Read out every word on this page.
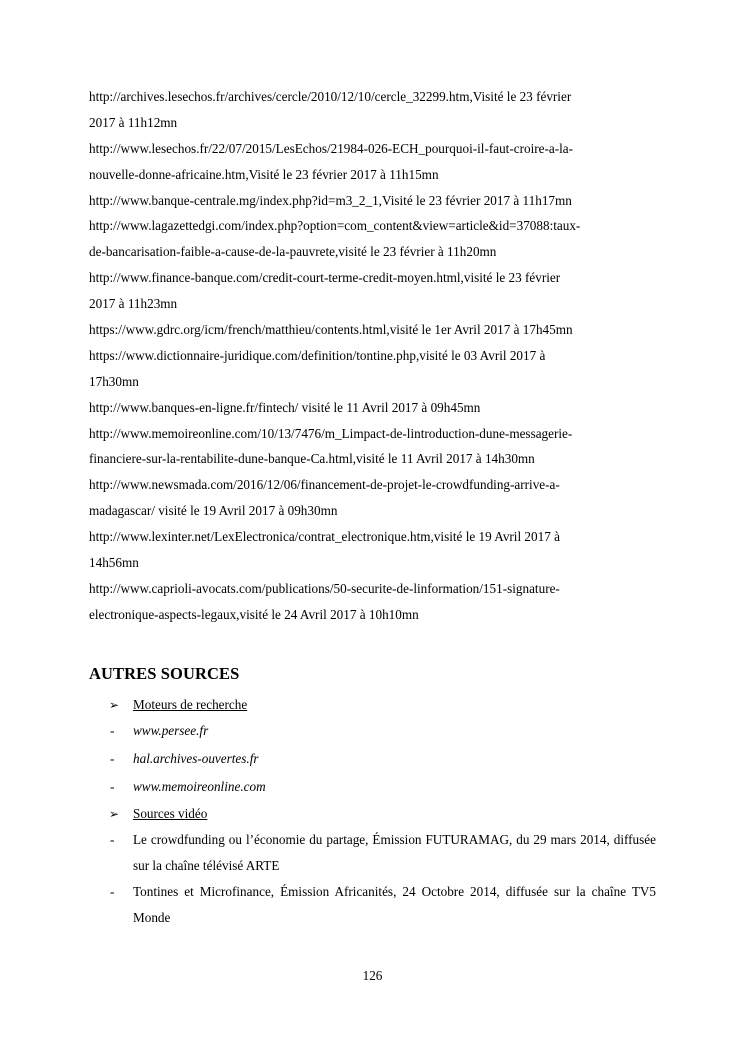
http://archives.lesechos.fr/archives/cercle/2010/12/10/cercle_32299.htm,Visité le 23 février
2017 à 11h12mn
http://www.lesechos.fr/22/07/2015/LesEchos/21984-026-ECH_pourquoi-il-faut-croire-a-la-
nouvelle-donne-africaine.htm,Visité le 23 février 2017 à 11h15mn
http://www.banque-centrale.mg/index.php?id=m3_2_1,Visité le 23 février 2017 à 11h17mn
http://www.lagazettedgi.com/index.php?option=com_content&view=article&id=37088:taux-
de-bancarisation-faible-a-cause-de-la-pauvrete,visité le 23 février à 11h20mn
http://www.finance-banque.com/credit-court-terme-credit-moyen.html,visité le 23 février
2017 à 11h23mn
https://www.gdrc.org/icm/french/matthieu/contents.html,visité le 1er Avril 2017 à 17h45mn
https://www.dictionnaire-juridique.com/definition/tontine.php,visité le 03 Avril 2017 à
17h30mn
http://www.banques-en-ligne.fr/fintech/ visité le 11 Avril 2017 à 09h45mn
http://www.memoireonline.com/10/13/7476/m_Limpact-de-lintroduction-dune-messagerie-
financiere-sur-la-rentabilite-dune-banque-Ca.html,visité le 11 Avril 2017 à 14h30mn
http://www.newsmada.com/2016/12/06/financement-de-projet-le-crowdfunding-arrive-a-
madagascar/ visité le 19 Avril 2017 à 09h30mn
http://www.lexinter.net/LexElectronica/contrat_electronique.htm,visité le 19 Avril 2017 à
14h56mn
http://www.caprioli-avocats.com/publications/50-securite-de-linformation/151-signature-
electronique-aspects-legaux,visité le 24 Avril 2017 à 10h10mn
AUTRES SOURCES
➢ Moteurs de recherche
- www.persee.fr
- hal.archives-ouvertes.fr
- www.memoireonline.com
➢ Sources vidéo
- Le crowdfunding ou l’économie du partage, Émission FUTURAMAG, du 29 mars 2014, diffusée sur la chaîne télévisé ARTE
- Tontines et Microfinance, Émission Africanités, 24 Octobre 2014, diffusée sur la chaîne TV5 Monde
126
